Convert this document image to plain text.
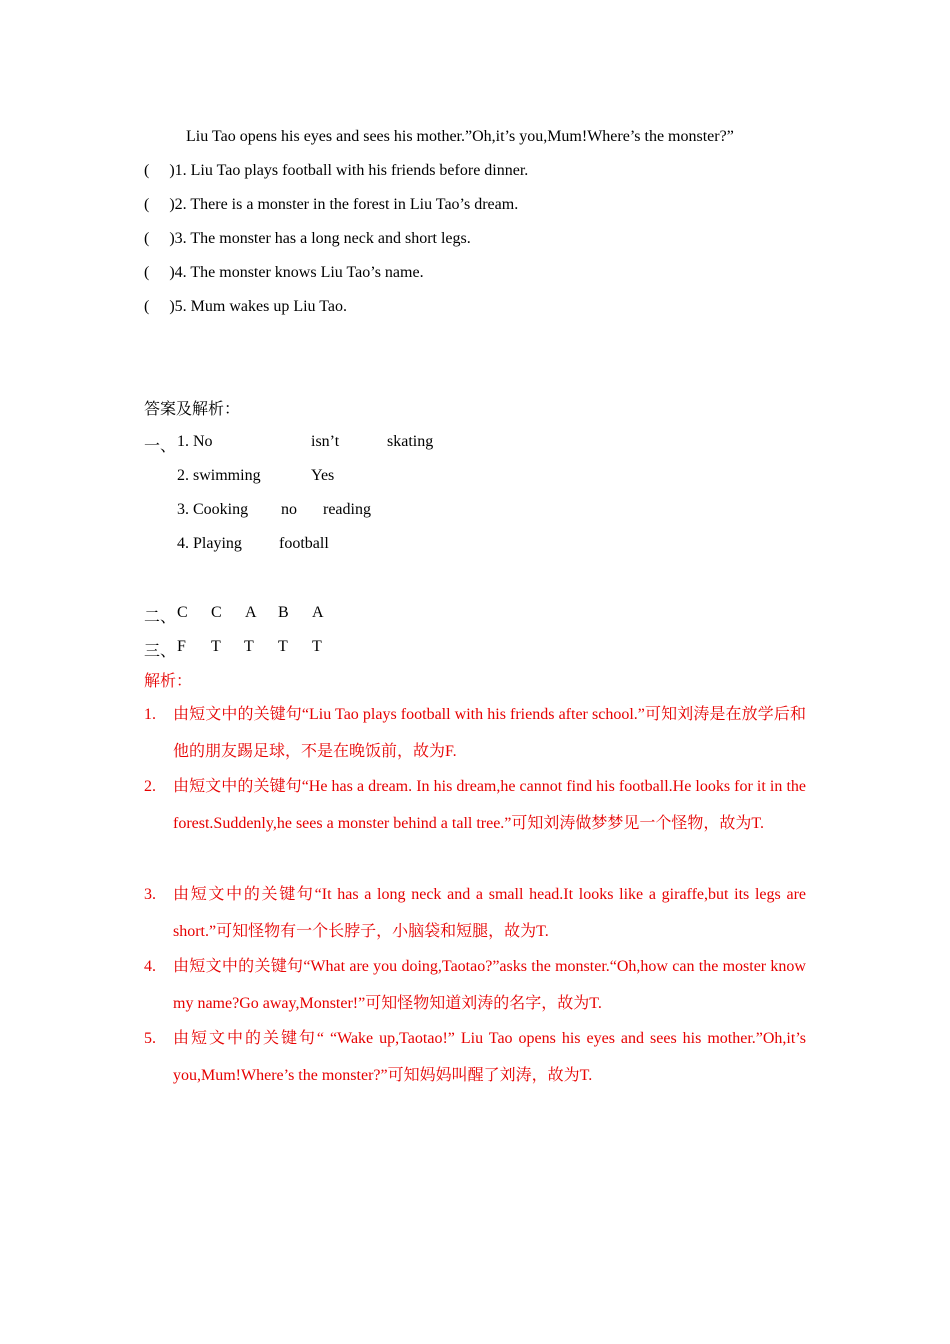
Liu Tao opens his eyes and sees his mother.”Oh,it’s you,Mum!Where’s the monster?”
( )1. Liu Tao plays football with his friends before dinner.
( )2. There is a monster in the forest in Liu Tao’s dream.
( )3. The monster has a long neck and short legs.
( )4. The monster knows Liu Tao’s name.
( )5. Mum wakes up Liu Tao.
答案及解析：
一、 1. No	isn’t	skating
2. swimming	Yes
3. Cooking no reading
4. Playing football
二、 C C A B A
三、 F T T T T
解析：
1. 由短文中的关键句“Liu Tao plays football with his friends after school.”可知刘涛是在放学后和他的朋友踢足球，不是在晚饭前，故为F.
2. 由短文中的关键句“He has a dream. In his dream,he cannot find his football.He looks for it in the forest.Suddenly,he sees a monster behind a tall tree.”可知刘涛做梦梦见一个怪物，故为T.
3. 由短文中的关键句“It has a long neck and a small head.It looks like a giraffe,but its legs are short.”可知怪物有一个长脖子，小脑袋和短腿，故为T.
4. 由短文中的关键句“What are you doing,Taotao?”asks the monster.“Oh,how can the moster know my name?Go away,Monster!”可知怪物知道刘涛的名字，故为T.
5. 由短文中的关键句“ “Wake up,Taotao!” Liu Tao opens his eyes and sees his mother.”Oh,it’s you,Mum!Where’s the monster?”可知妈妈叫醒了刘涛，故为T.
